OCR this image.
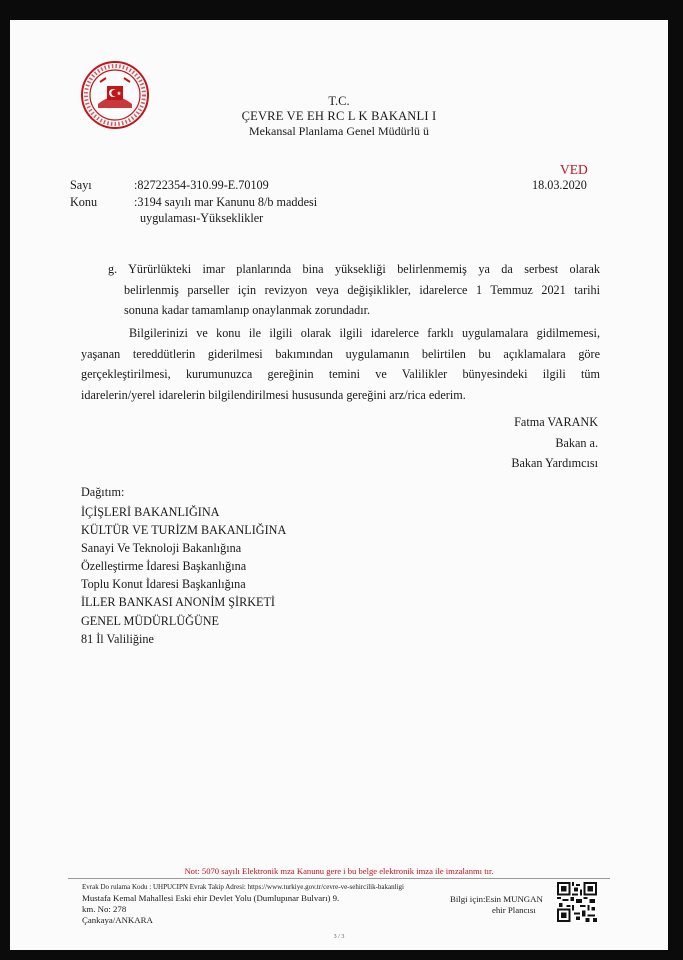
T.C.
ÇEVRE VE EH RC L K BAKANLI I
Mekansal Planlama Genel Müdürlü ü
VED
18.03.2020
Sayı	:82722354-310.99-E.70109
Konu	:3194 sayılı mar Kanunu 8/b maddesi
uygulaması-Yükseklikler
g. Yürürlükteki imar planlarında bina yüksekliği belirlenmemiş ya da serbest olarak
belirlenmiş parseller için revizyon veya değişiklikler, idarelerce 1 Temmuz 2021 tarihi
sonuna kadar tamamlanıp onaylanmak zorundadır.
Bilgilerinizi ve konu ile ilgili olarak ilgili idarelerce farklı uygulamalara gidilmemesi,
yaşanan tereddütlerin giderilmesi bakımından uygulamanın belirtilen bu açıklamalara göre
gerçekleştirilmesi, kurumunuzca gereğinin temini ve Valilikler bünyesindeki ilgili tüm
idarelerin/yerel idarelerin bilgilendirilmesi hususunda gereğini arz/rica ederim.
Fatma VARANK
Bakan a.
Bakan Yardımcısı
Dağıtım:
İÇİŞLERİ BAKANLIĞINA
KÜLTÜR VE TURİZM BAKANLIĞINA
Sanayi Ve Teknoloji Bakanlığına
Özelleştirme İdaresi Başkanlığına
Toplu Konut İdaresi Başkanlığına
İLLER BANKASI ANONİM ŞİRKETİ
GENEL MÜDÜRLÜĞÜNE
81 İl Valiliğine
Not: 5070 sayılı Elektronik mza Kanunu gere i bu belge elektronik imza ile imzalanmı tır.
Evrak Do rulama Kodu : UHPUCIPN Evrak Takip Adresi: https://www.turkiye.gov.tr/cevre-ve-sehircilik-bakanligi
Mustafa Kemal Mahallesi Eski ehir Devlet Yolu (Dumlupınar Bulvarı) 9.
km. No: 278
Çankaya/ANKARA
Bilgi için:Esin MUNGAN
ehir Plancısı
3 / 3
